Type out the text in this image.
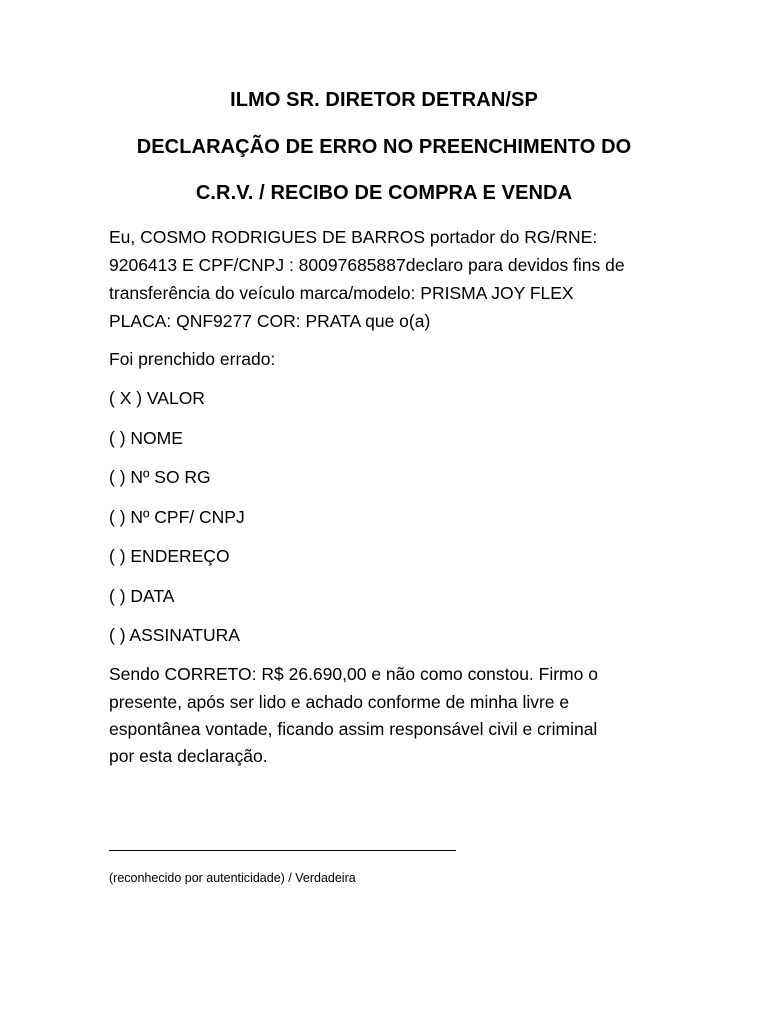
ILMO SR. DIRETOR DETRAN/SP
DECLARAÇÃO DE ERRO NO PREENCHIMENTO DO
C.R.V. / RECIBO DE COMPRA E VENDA
Eu, COSMO RODRIGUES DE BARROS portador do RG/RNE:
9206413 E CPF/CNPJ : 80097685887declaro para devidos fins de
transferência do veículo marca/modelo: PRISMA JOY FLEX
PLACA: QNF9277 COR: PRATA que o(a)
Foi prenchido errado:
( X ) VALOR
( ) NOME
( ) Nº SO RG
( ) Nº CPF/ CNPJ
( ) ENDEREÇO
( ) DATA
( ) ASSINATURA
Sendo CORRETO: R$ 26.690,00 e não como constou. Firmo o
presente, após ser lido e achado conforme de minha livre e
espontânea vontade, ficando assim responsável civil e criminal
por esta declaração.
(reconhecido por autenticidade) / Verdadeira
